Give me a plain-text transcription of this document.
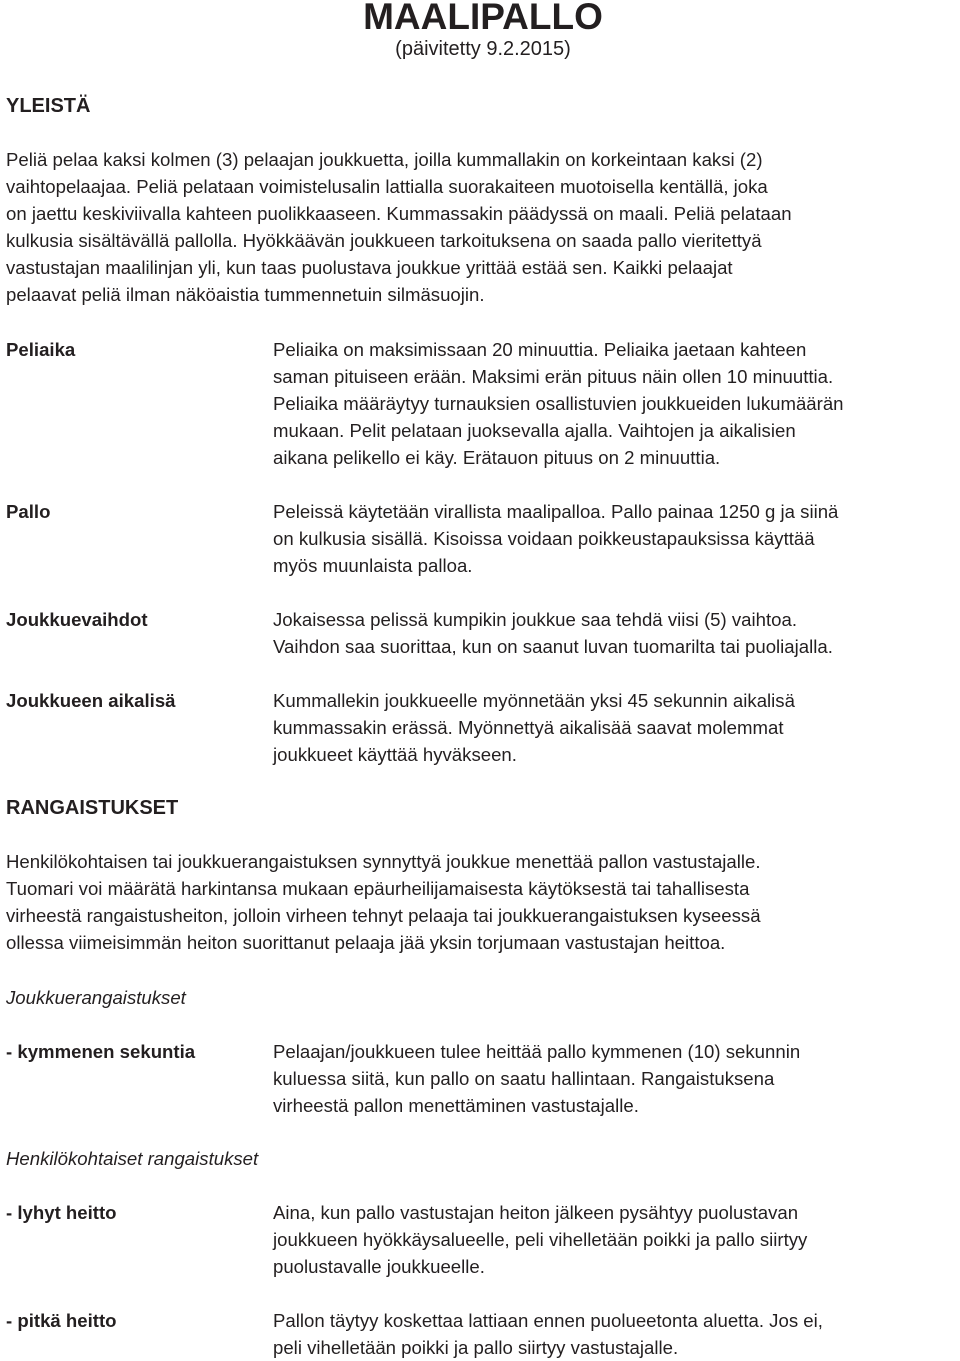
MAALIPALLO
(päivitetty 9.2.2015)
YLEISTÄ
Peliä pelaa kaksi kolmen (3) pelaajan joukkuetta, joilla kummallakin on korkeintaan kaksi (2)
vaihtopelaajaa. Peliä pelataan voimistelusalin lattialla suorakaiteen muotoisella kentällä, joka
on jaettu keskiviivalla kahteen puolikkaaseen. Kummassakin päädyssä on maali. Peliä pelataan
kulkusia sisältävällä pallolla. Hyökkäävän joukkueen tarkoituksena on saada pallo vieritettyä
vastustajan maalilinjan yli, kun taas puolustava joukkue yrittää estää sen. Kaikki pelaajat
pelaavat peliä ilman näköaistia tummennetuin silmäsuojin.
Peliaika	Peliaika on maksimissaan 20 minuuttia. Peliaika jaetaan kahteen
saman pituiseen erään. Maksimi erän pituus näin ollen 10 minuuttia.
Peliaika määräytyy turnauksien osallistuvien joukkueiden lukumäärän
mukaan. Pelit pelataan juoksevalla ajalla. Vaihtojen ja aikalisien
aikana pelikello ei käy. Erätauon pituus on 2 minuuttia.
Pallo	Peleissä käytetään virallista maalipalloa. Pallo painaa 1250 g ja siinä
on kulkusia sisällä. Kisoissa voidaan poikkeustapauksissa käyttää
myös muunlaista palloa.
Joukkuevaihdot	Jokaisessa pelissä kumpikin joukkue saa tehdä viisi (5) vaihtoa.
Vaihdon saa suorittaa, kun on saanut luvan tuomarilta tai puoliajalla.
Joukkueen aikalisä	Kummallekin joukkueelle myönnetään yksi 45 sekunnin aikalisä
kummassakin erässä. Myönnettyä aikalisää saavat molemmat
joukkueet käyttää hyväkseen.
RANGAISTUKSET
Henkilökohtaisen tai joukkuerangaistuksen synnyttyä joukkue menettää pallon vastustajalle.
Tuomari voi määrätä harkintansa mukaan epäurheilijamaisesta käytöksestä tai tahallisesta
virheestä rangaistusheiton, jolloin virheen tehnyt pelaaja tai joukkuerangaistuksen kyseessä
ollessa viimeisimmän heiton suorittanut pelaaja jää yksin torjumaan vastustajan heittoa.
Joukkuerangaistukset
- kymmenen sekuntia	Pelaajan/joukkueen tulee heittää pallo kymmenen (10) sekunnin
kuluessa siitä, kun pallo on saatu hallintaan. Rangaistuksena
virheestä pallon menettäminen vastustajalle.
Henkilökohtaiset rangaistukset
- lyhyt heitto	Aina, kun pallo vastustajan heiton jälkeen pysähtyy puolustavan
joukkueen hyökkäysalueelle, peli vihelletään poikki ja pallo siirtyy
puolustavalle joukkueelle.
- pitkä heitto	Pallon täytyy koskettaa lattiaan ennen puolueetonta aluetta. Jos ei,
peli vihelletään poikki ja pallo siirtyy vastustajalle.
